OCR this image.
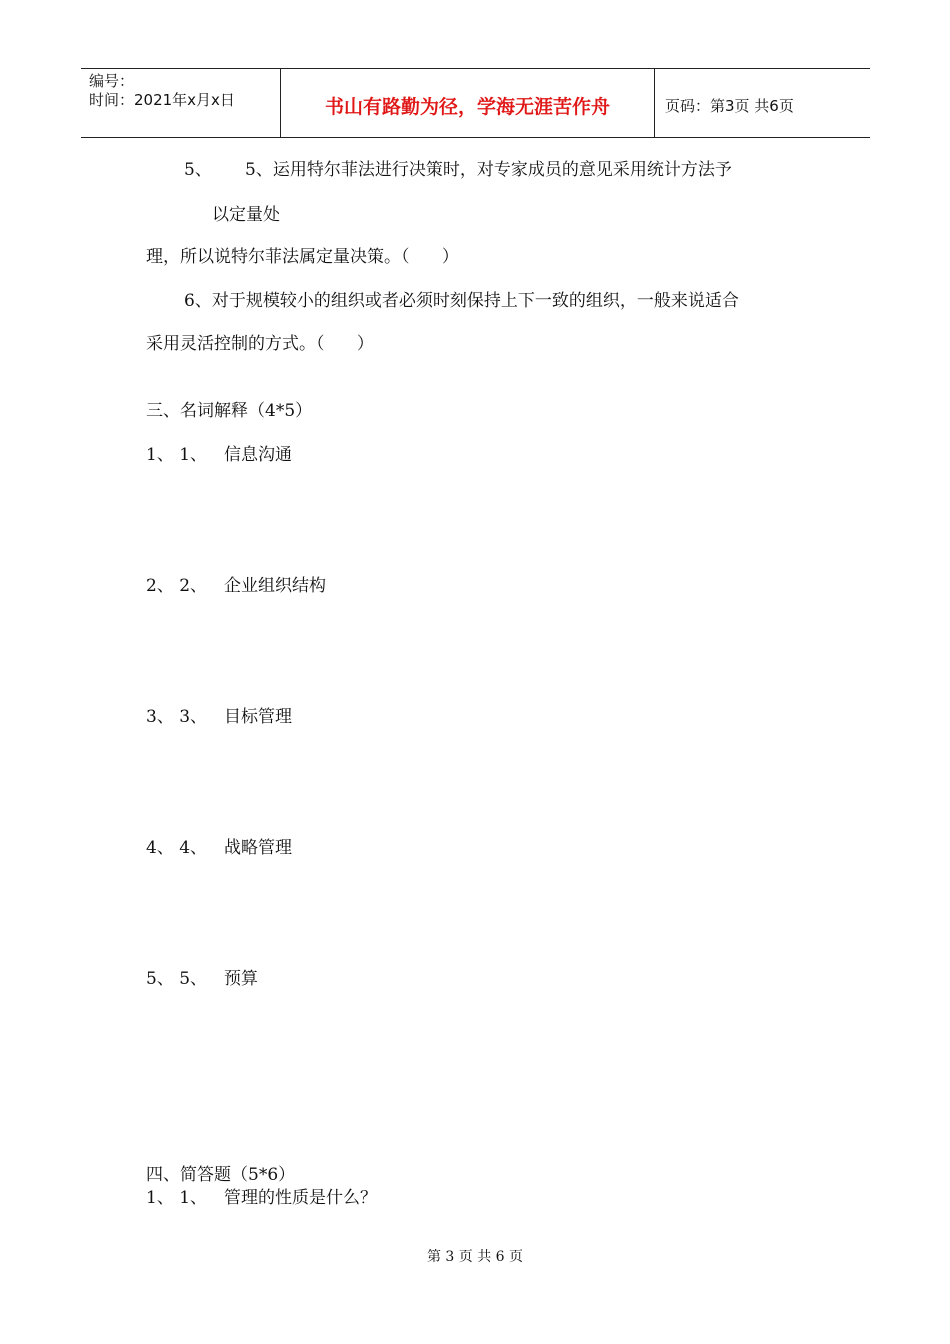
编号：
时间：2021年x月x日	书山有路勤为径，学海无涯苦作舟	页码：第3页 共6页
5、 5、运用特尔菲法进行决策时，对专家成员的意见采用统计方法予
以定量处
理，所以说特尔菲法属定量决策。（      ）
6、对于规模较小的组织或者必须时刻保持上下一致的组织，一般来说适合
采用灵活控制的方式。（      ）
三、名词解释（4*5）
1、 1、 信息沟通
2、 2、 企业组织结构
3、 3、 目标管理
4、 4、 战略管理
5、 5、 预算
四、简答题（5*6）
1、 1、 管理的性质是什么？
第 3 页 共 6 页
